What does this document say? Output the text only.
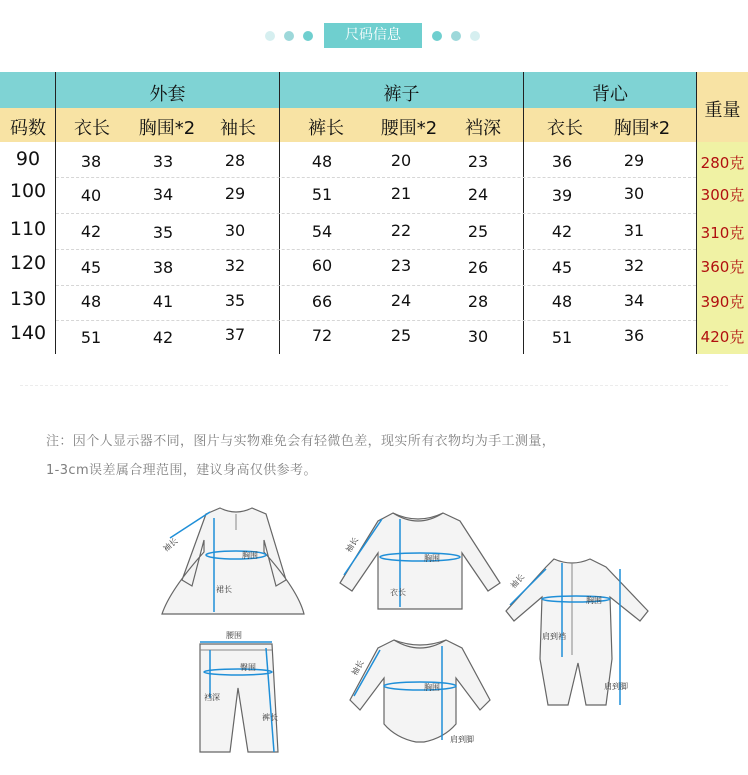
尺码信息
外套	裤子	背心
重量
码数	衣长	胸围*2	袖长	裤长	腰围*2	裆深	衣长	胸围*2
90	38	33	28	48	20	23	36	29	280克
100	40	34	29	51	21	24	39	30	300克
110	42	35	30	54	22	25	42	31	310克
120	45	38	32	60	23	26	45	32	360克
130	48	41	35	66	24	28	48	34	390克
140	51	42	37	72	25	30	51	36	420克
注：因个人显示器不同，图片与实物难免会有轻微色差，现实所有衣物均为手工测量，
1-3cm误差属合理范围，建议身高仅供参考。
袖长
胸围
裙长
袖长
胸围
衣长
袖长
胸围
肩到裆
肩到脚
腰围
臀围
裆深
裤长
袖长
胸围
肩到脚
